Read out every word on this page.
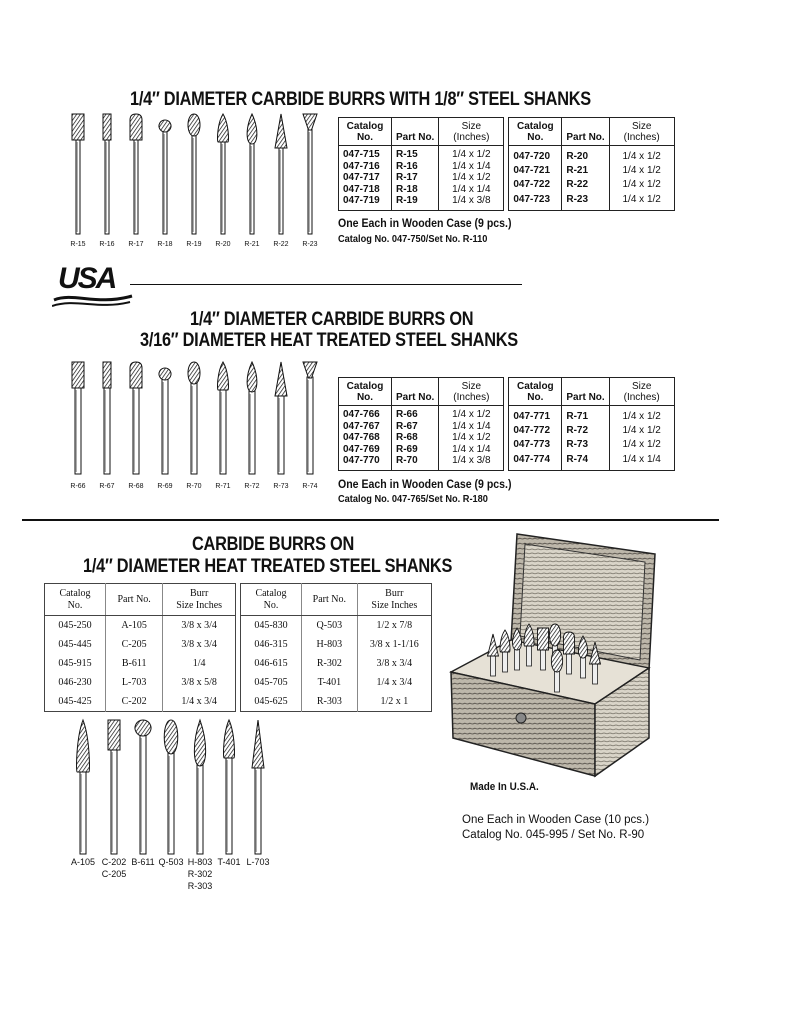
1/4″ DIAMETER CARBIDE BURRS WITH 1/8″ STEEL SHANKS
R-15 R-16 R-17 R-18 R-19 R-20 R-21 R-22 R-23
Catalog No.	Part No.	Size (Inches)
047-715	R-15	1/4 x 1/2
047-716	R-16	1/4 x 1/4
047-717	R-17	1/4 x 1/2
047-718	R-18	1/4 x 1/4
047-719	R-19	1/4 x 3/8
Catalog No.	Part No.	Size (Inches)
047-720	R-20	1/4 x 1/2
047-721	R-21	1/4 x 1/2
047-722	R-22	1/4 x 1/2
047-723	R-23	1/4 x 1/2
One Each in Wooden Case (9 pcs.)
Catalog No. 047-750/Set No. R-110
USA
1/4″ DIAMETER CARBIDE BURRS ON
3/16″ DIAMETER HEAT TREATED STEEL SHANKS
R-66 R-67 R-68 R-69 R-70 R-71 R-72 R-73 R-74
Catalog No.	Part No.	Size (Inches)
047-766	R-66	1/4 x 1/2
047-767	R-67	1/4 x 1/4
047-768	R-68	1/4 x 1/2
047-769	R-69	1/4 x 1/4
047-770	R-70	1/4 x 3/8
Catalog No.	Part No.	Size (Inches)
047-771	R-71	1/4 x 1/2
047-772	R-72	1/4 x 1/2
047-773	R-73	1/4 x 1/2
047-774	R-74	1/4 x 1/4
One Each in Wooden Case (9 pcs.)
Catalog No. 047-765/Set No. R-180
CARBIDE BURRS ON
1/4″ DIAMETER HEAT TREATED STEEL SHANKS
Catalog No.	Part No.	Burr
Size Inches
045-250	A-105	3/8 x 3/4
045-445	C-205	3/8 x 3/4
045-915	B-611	1/4
046-230	L-703	3/8 x 5/8
045-425	C-202	1/4 x 3/4
Catalog No.	Part No.	Burr
Size Inches
045-830	Q-503	1/2 x 7/8
046-315	H-803	3/8 x 1-1/16
046-615	R-302	3/8 x 3/4
045-705	T-401	1/4 x 3/4
045-625	R-303	1/2 x 1
A-105 C-202 B-611 Q-503 H-803 T-401 L-703
C-205	R-302
R-303
Made In U.S.A.
One Each in Wooden Case (10 pcs.)
Catalog No. 045-995 / Set No. R-90
